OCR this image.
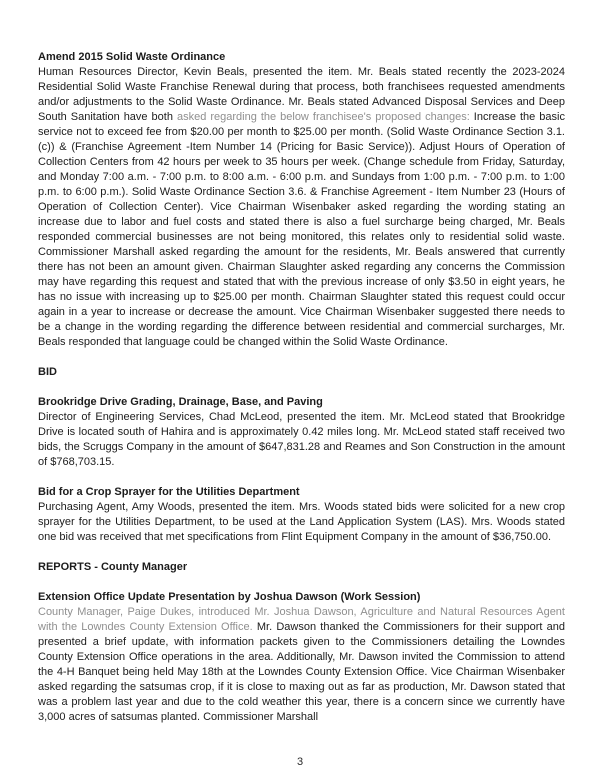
Amend 2015 Solid Waste Ordinance

Human Resources Director, Kevin Beals, presented the item. Mr. Beals stated recently the 2023-2024 Residential Solid Waste Franchise Renewal during that process, both franchisees requested amendments and/or adjustments to the Solid Waste Ordinance. Mr. Beals stated Advanced Disposal Services and Deep South Sanitation have both asked regarding the below franchisee's proposed changes: Increase the basic service not to exceed fee from $20.00 per month to $25.00 per month. (Solid Waste Ordinance Section 3.1.(c)) & (Franchise Agreement -Item Number 14 (Pricing for Basic Service)). Adjust Hours of Operation of Collection Centers from 42 hours per week to 35 hours per week. (Change schedule from Friday, Saturday, and Monday 7:00 a.m. - 7:00 p.m. to 8:00 a.m. - 6:00 p.m. and Sundays from 1:00 p.m. - 7:00 p.m. to 1:00 p.m. to 6:00 p.m.). Solid Waste Ordinance Section 3.6. & Franchise Agreement - Item Number 23 (Hours of Operation of Collection Center). Vice Chairman Wisenbaker asked regarding the wording stating an increase due to labor and fuel costs and stated there is also a fuel surcharge being charged, Mr. Beals responded commercial businesses are not being monitored, this relates only to residential solid waste. Commissioner Marshall asked regarding the amount for the residents, Mr. Beals answered that currently there has not been an amount given. Chairman Slaughter asked regarding any concerns the Commission may have regarding this request and stated that with the previous increase of only $3.50 in eight years, he has no issue with increasing up to $25.00 per month. Chairman Slaughter stated this request could occur again in a year to increase or decrease the amount. Vice Chairman Wisenbaker suggested there needs to be a change in the wording regarding the difference between residential and commercial surcharges, Mr. Beals responded that language could be changed within the Solid Waste Ordinance.

BID
Brookridge Drive Grading, Drainage, Base, and Paving

Director of Engineering Services, Chad McLeod, presented the item. Mr. McLeod stated that Brookridge Drive is located south of Hahira and is approximately 0.42 miles long. Mr. McLeod stated staff received two bids, the Scruggs Company in the amount of $647,831.28 and Reames and Son Construction in the amount of $768,703.15.

Bid for a Crop Sprayer for the Utilities Department

Purchasing Agent, Amy Woods, presented the item. Mrs. Woods stated bids were solicited for a new crop sprayer for the Utilities Department, to be used at the Land Application System (LAS). Mrs. Woods stated one bid was received that met specifications from Flint Equipment Company in the amount of $36,750.00.

REPORTS - County Manager
Extension Office Update Presentation by Joshua Dawson (Work Session)

County Manager, Paige Dukes, introduced Mr. Joshua Dawson, Agriculture and Natural Resources Agent with the Lowndes County Extension Office. Mr. Dawson thanked the Commissioners for their support and presented a brief update, with information packets given to the Commissioners detailing the Lowndes County Extension Office operations in the area. Additionally, Mr. Dawson invited the Commission to attend the 4-H Banquet being held May 18th at the Lowndes County Extension Office. Vice Chairman Wisenbaker asked regarding the satsumas crop, if it is close to maxing out as far as production, Mr. Dawson stated that was a problem last year and due to the cold weather this year, there is a concern since we currently have 3,000 acres of satsumas planted. Commissioner Marshall

3
